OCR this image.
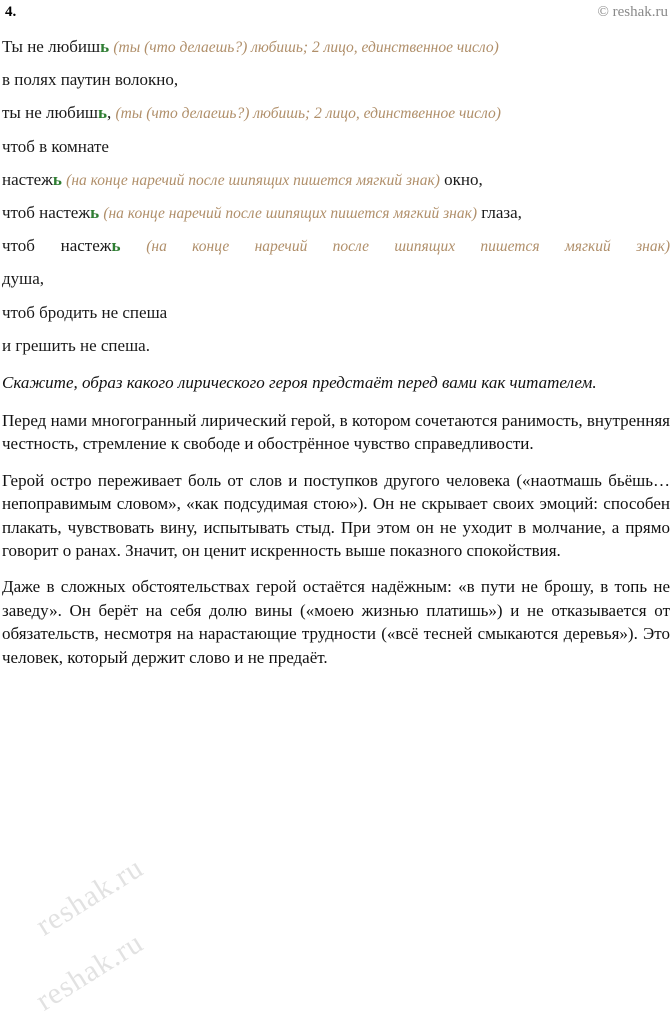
4.	© reshak.ru
Ты не любишь (ты (что делаешь?) любишь; 2 лицо, единственное число)
в полях паутин волокно,
ты не любишь, (ты (что делаешь?) любишь; 2 лицо, единственное число)
чтоб в комнате
настежь (на конце наречий после шипящих пишется мягкий знак) окно,
чтоб настежь (на конце наречий после шипящих пишется мягкий знак) глаза,
чтоб настежь (на конце наречий после шипящих пишется мягкий знак)
душа,
чтоб бродить не спеша
и грешить не спеша.
Скажите, образ какого лирического героя предстаёт перед вами как читателем.
Перед нами многогранный лирический герой, в котором сочетаются ранимость, внутренняя честность, стремление к свободе и обострённое чувство справедливости.
Герой остро переживает боль от слов и поступков другого человека («наотмашь бьёшь… непоправимым словом», «как подсудимая стою»). Он не скрывает своих эмоций: способен плакать, чувствовать вину, испытывать стыд. При этом он не уходит в молчание, а прямо говорит о ранах. Значит, он ценит искренность выше показного спокойствия.
Даже в сложных обстоятельствах герой остаётся надёжным: «в пути не брошу, в топь не заведу». Он берёт на себя долю вины («моею жизнью платишь») и не отказывается от обязательств, несмотря на нарастающие трудности («всё тесней смыкаются деревья»). Это человек, который держит слово и не предаёт.
reshak.ru
reshak.ru
